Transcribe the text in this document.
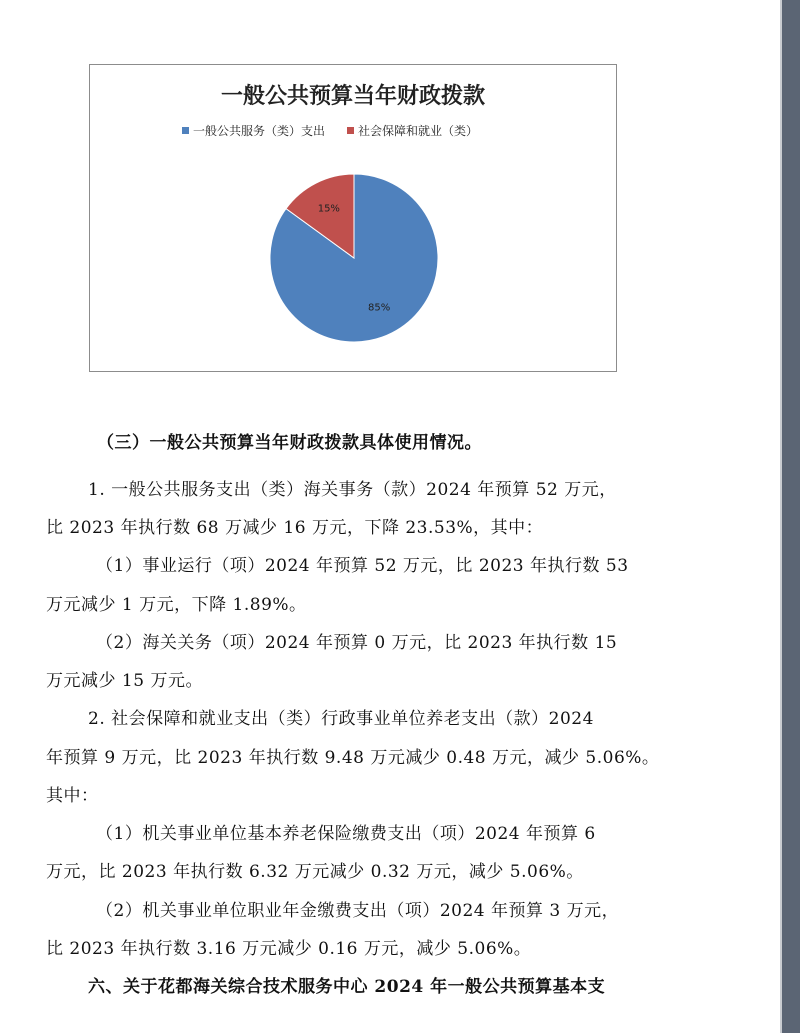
一般公共预算当年财政拨款
一般公共服务（类）支出	社会保障和就业（类）
85%
15%
（三）一般公共预算当年财政拨款具体使用情况。
1. 一般公共服务支出（类）海关事务（款）2024 年预算 52 万元，
比 2023 年执行数 68 万减少 16 万元，下降 23.53%，其中：
（1）事业运行（项）2024 年预算 52 万元，比 2023 年执行数 53
万元减少 1 万元，下降 1.89%。
（2）海关关务（项）2024 年预算 0 万元，比 2023 年执行数 15
万元减少 15 万元。
2. 社会保障和就业支出（类）行政事业单位养老支出（款）2024
年预算 9 万元，比 2023 年执行数 9.48 万元减少 0.48 万元，减少 5.06%。
其中：
（1）机关事业单位基本养老保险缴费支出（项）2024 年预算 6
万元，比 2023 年执行数 6.32 万元减少 0.32 万元，减少 5.06%。
（2）机关事业单位职业年金缴费支出（项）2024 年预算 3 万元，
比 2023 年执行数 3.16 万元减少 0.16 万元，减少 5.06%。
六、关于花都海关综合技术服务中心 2024 年一般公共预算基本支
